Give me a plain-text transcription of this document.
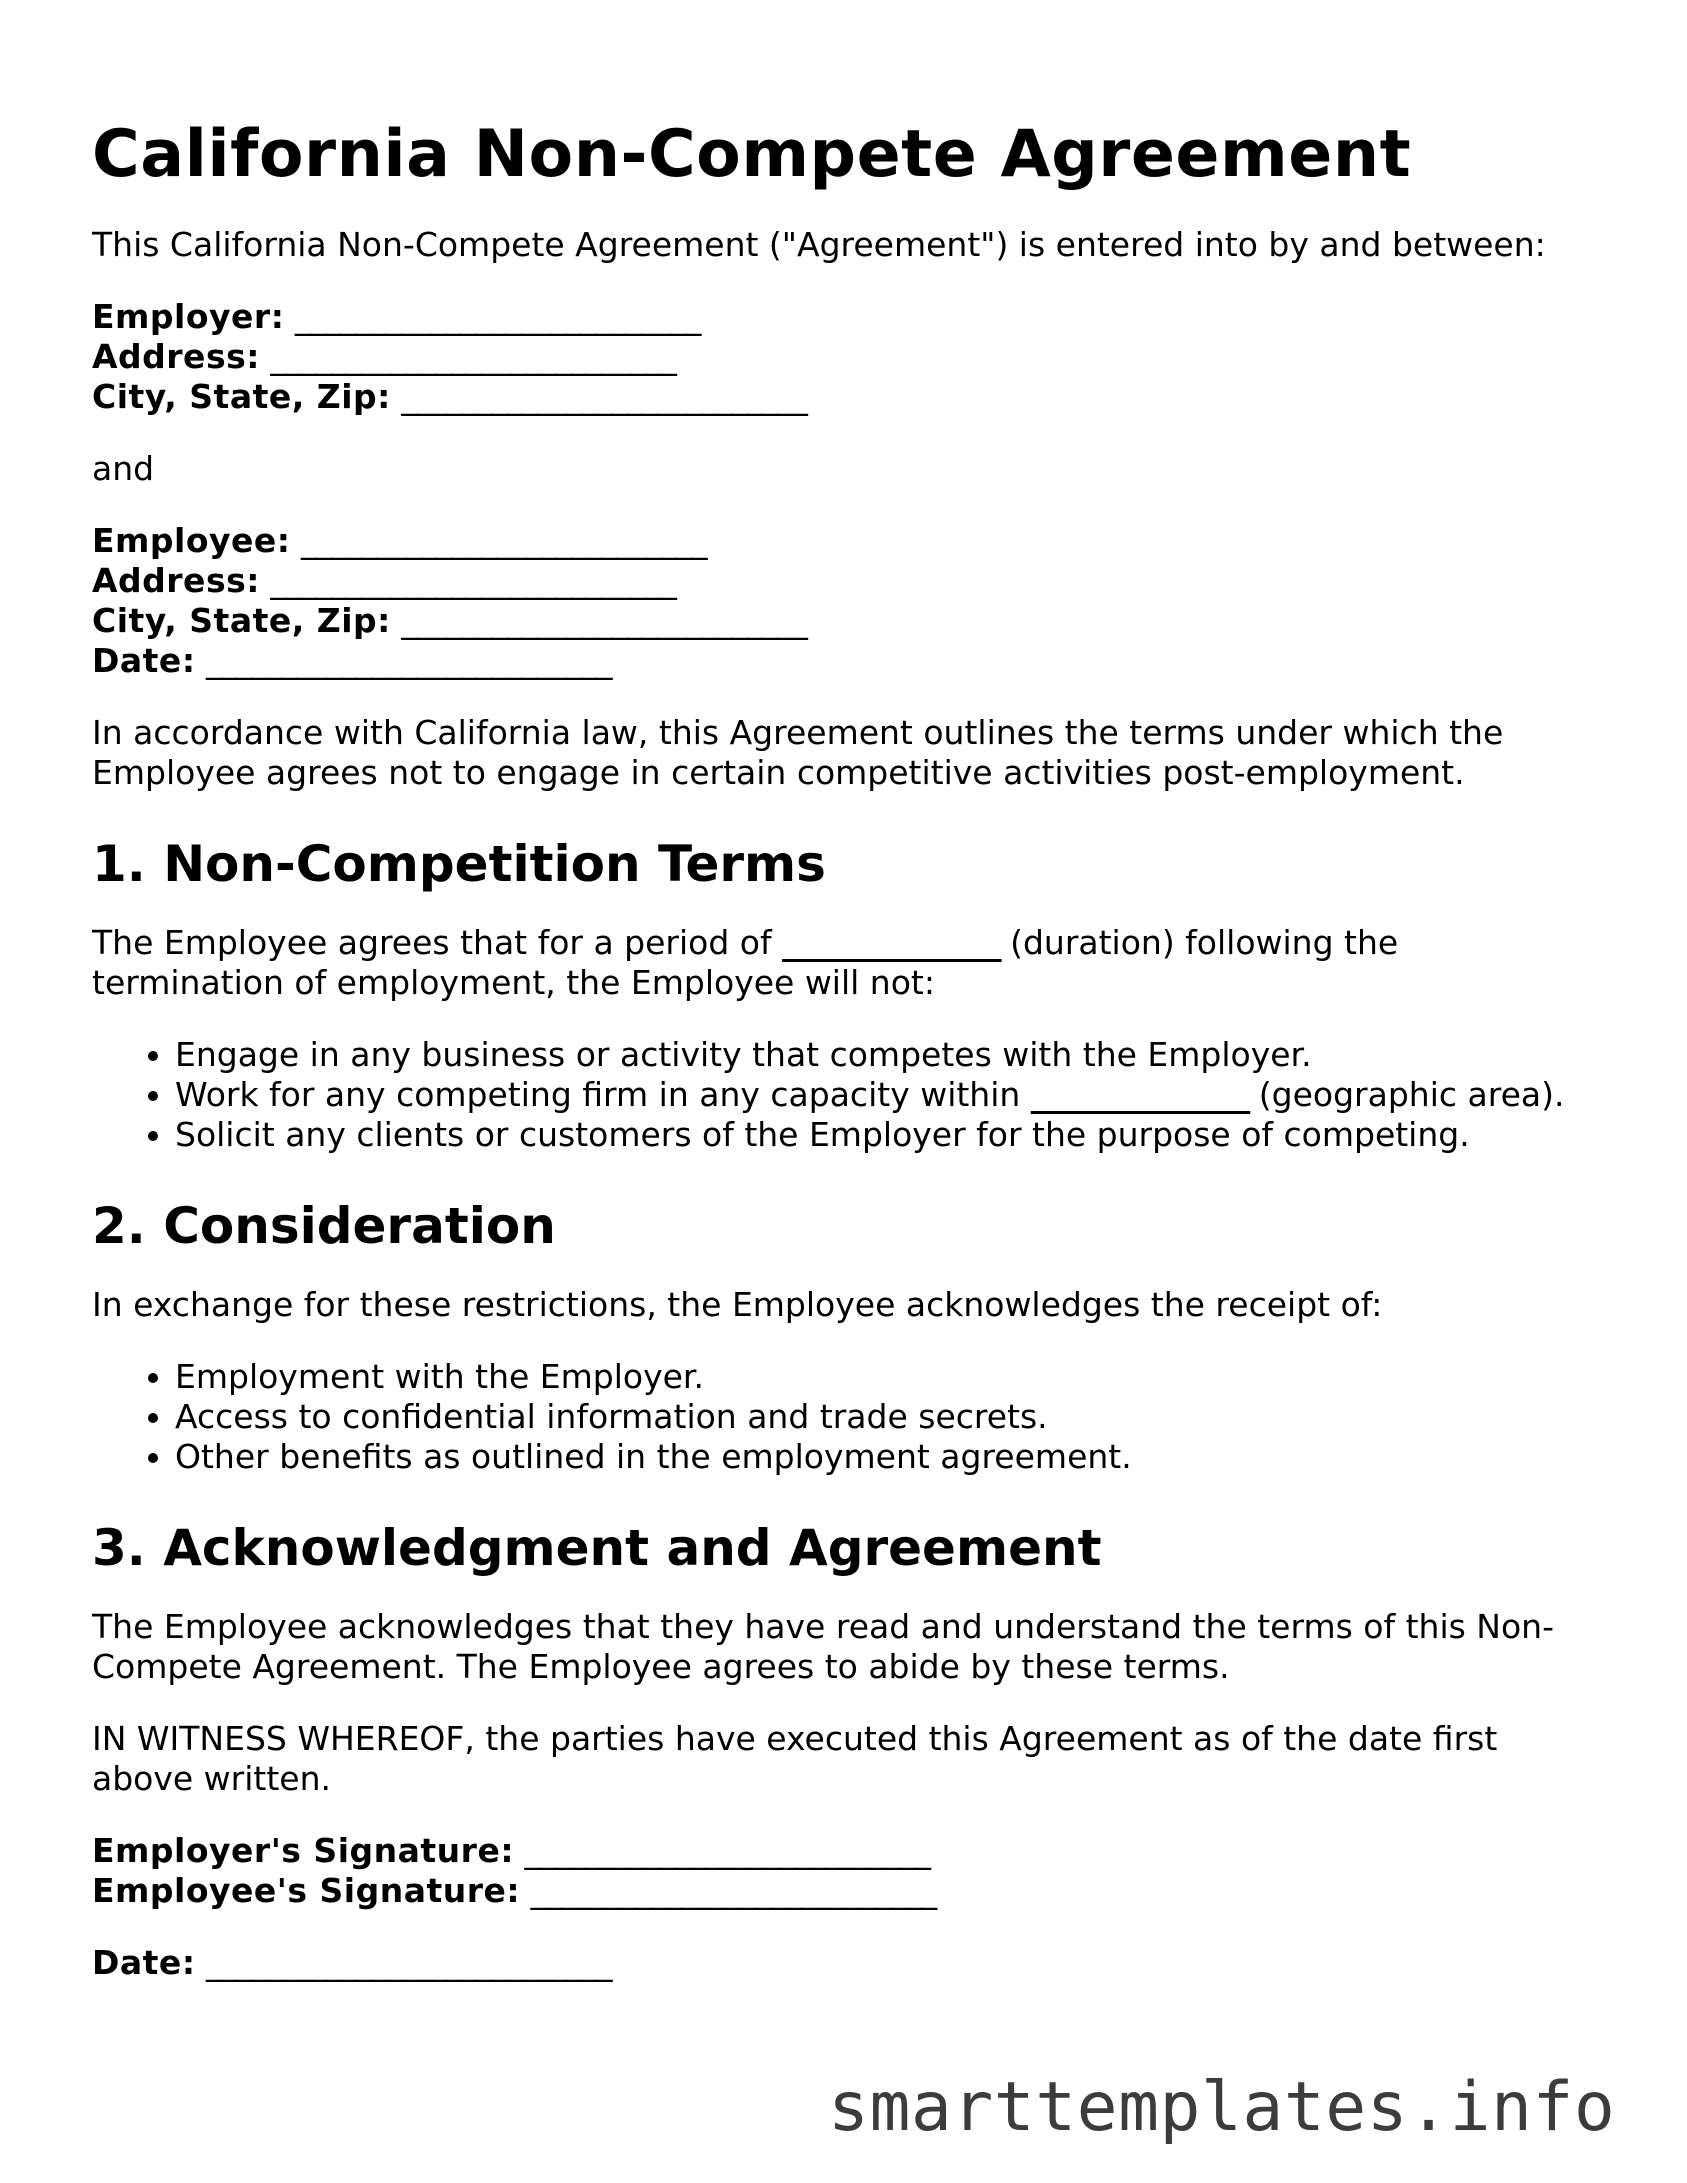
California Non-Compete Agreement

This California Non-Compete Agreement ("Agreement") is entered into by and between:

Employer: ___________________________
Address: ___________________________
City, State, Zip: ___________________________

and

Employee: ___________________________
Address: ___________________________
City, State, Zip: ___________________________
Date: ___________________________

In accordance with California law, this Agreement outlines the terms under which the Employee agrees not to engage in certain competitive activities post-employment.

1. Non-Competition Terms

The Employee agrees that for a period of _______________ (duration) following the termination of employment, the Employee will not:

• Engage in any business or activity that competes with the Employer.
• Work for any competing firm in any capacity within _______________ (geographic area).
• Solicit any clients or customers of the Employer for the purpose of competing.
2. Consideration

In exchange for these restrictions, the Employee acknowledges the receipt of:

• Employment with the Employer.
• Access to confidential information and trade secrets.
• Other benefits as outlined in the employment agreement.
3. Acknowledgment and Agreement

The Employee acknowledges that they have read and understand the terms of this Non-Compete Agreement. The Employee agrees to abide by these terms.

IN WITNESS WHEREOF, the parties have executed this Agreement as of the date first above written.

Employer's Signature: ___________________________
Employee's Signature: ___________________________
Date: ___________________________
smarttemplates.info
